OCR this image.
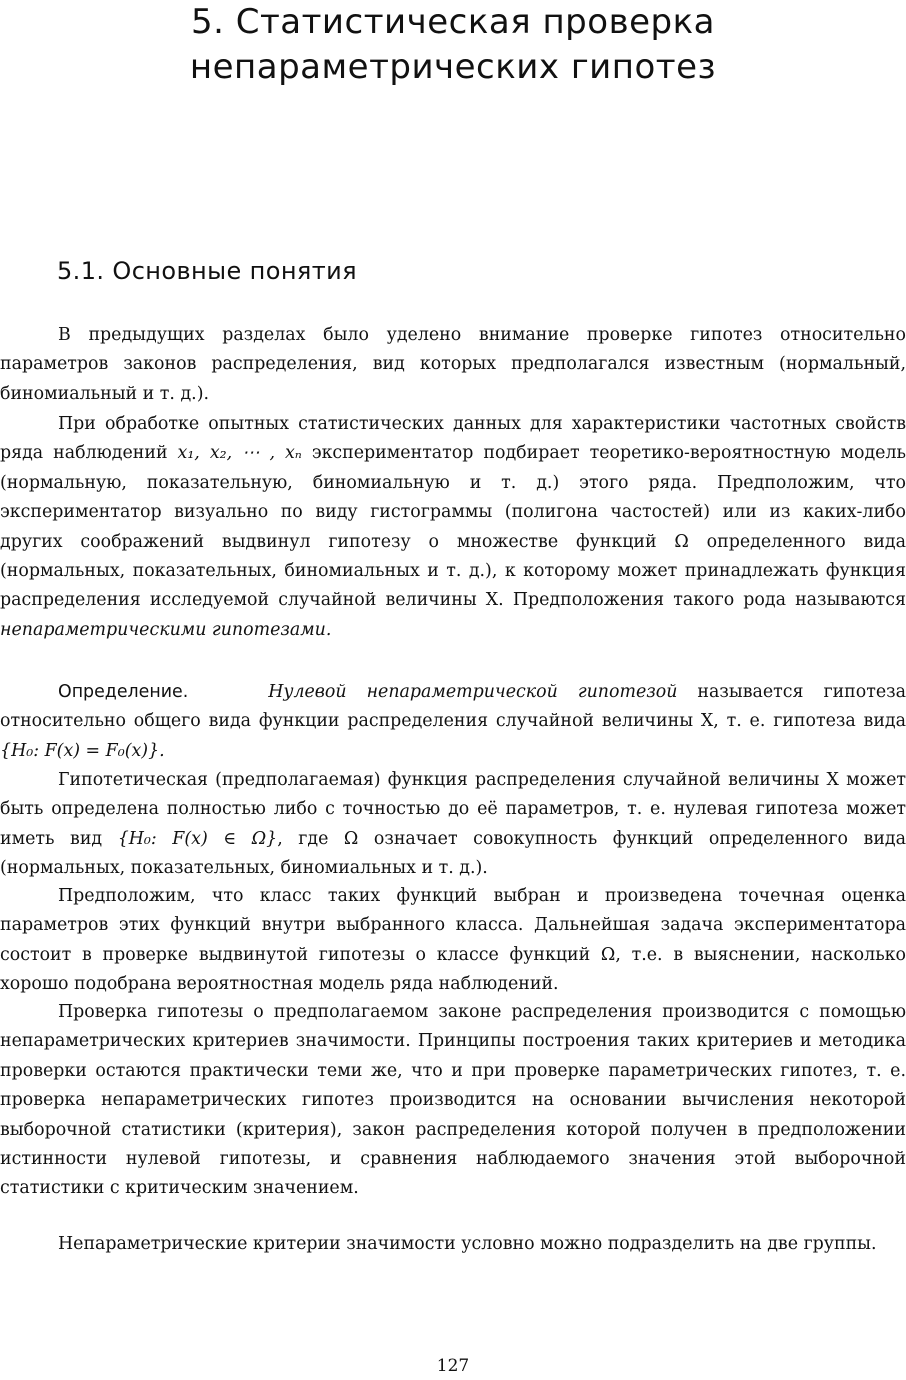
5. Статистическая проверка
непараметрических гипотез
5.1. Основные понятия

В предыдущих разделах было уделено внимание проверке гипотез относительно параметров законов распределения, вид которых предполагался известным (нормальный, биномиальный и т. д.).

При обработке опытных статистических данных для характеристики частотных свойств ряда наблюдений x₁, x₂, ⋯ , xₙ экспериментатор подбирает теоретико-вероятностную модель (нормальную, показательную, биномиальную и т. д.) этого ряда. Предположим, что экспериментатор визуально по виду гистограммы (полигона частостей) или из каких-либо других соображений выдвинул гипотезу о множестве функций Ω определенного вида (нормальных, показательных, биномиальных и т. д.), к которому может принадлежать функция распределения исследуемой случайной величины X. Предположения такого рода называются непараметрическими гипотезами.

Определение.	Нулевой непараметрической гипотезой называется гипотеза относительно общего вида функции распределения случайной величины X, т. е. гипотеза вида {H₀: F(x) = F₀(x)}.

Гипотетическая (предполагаемая) функция распределения случайной величины X может быть определена полностью либо с точностью до её параметров, т. е. нулевая гипотеза может иметь вид {H₀: F(x) ∈ Ω}, где Ω означает совокупность функций определенного вида (нормальных, показательных, биномиальных и т. д.).

Предположим, что класс таких функций выбран и произведена точечная оценка параметров этих функций внутри выбранного класса. Дальнейшая задача экспериментатора состоит в проверке выдвинутой гипотезы о классе функций Ω, т.е. в выяснении, насколько хорошо подобрана вероятностная модель ряда наблюдений.

Проверка гипотезы о предполагаемом законе распределения производится с помощью непараметрических критериев значимости. Принципы построения таких критериев и методика проверки остаются практически теми же, что и при проверке параметрических гипотез, т. е. проверка непараметрических гипотез производится на основании вычисления некоторой выборочной статистики (критерия), закон распределения которой получен в предположении истинности нулевой гипотезы, и сравнения наблюдаемого значения этой выборочной статистики с критическим значением.

Непараметрические критерии значимости условно можно подразделить на две группы.

127
